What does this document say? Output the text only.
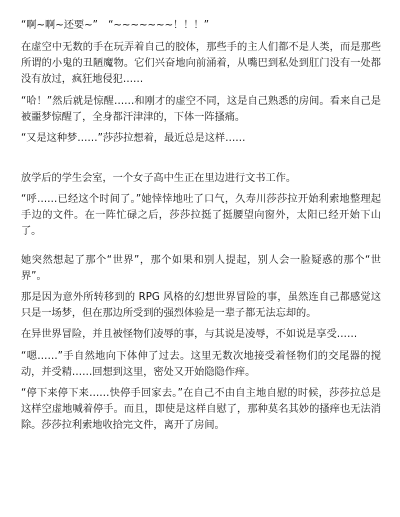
“啊~啊~还要~”　“~~~~~~~！！！”

在虚空中无数的手在玩弄着自己的胶体，那些手的主人们都不是人类，而是那些所谓的小鬼的丑陋魔物。它们兴奋地向前涌着，从嘴巴到私处到肛门没有一处都没有放过，疯狂地侵犯……

“哈！”然后就是惊醒……和刚才的虚空不同，这是自己熟悉的房间。看来自己是被噩梦惊醒了，全身都汗津津的，下体一阵搔痛。

“又是这种梦……”莎莎拉想着，最近总是这样……

放学后的学生会室，一个女子高中生正在里边进行文书工作。

“呼……已经这个时间了。”她悻悻地吐了口气，久寿川莎莎拉开始利索地整理起手边的文件。在一阵忙碌之后，莎莎拉挺了挺腰望向窗外，太阳已经开始下山了。

她突然想起了那个“世界”，那个如果和别人提起，别人会一脸疑惑的那个“世界”。

那是因为意外所转移到的 RPG 风格的幻想世界冒险的事，虽然连自己都感觉这只是一场梦，但在那边所受到的强烈体验是一辈子都无法忘却的。

在异世界冒险，并且被怪物们凌辱的事，与其说是凌辱，不如说是享受……

“嗯……”手自然地向下体伸了过去。这里无数次地接受着怪物们的交尾器的搅动，并受精……回想到这里，密处又开始隐隐作痒。

“停下来停下来……快停手回家去。”在自己不由自主地自慰的时候，莎莎拉总是这样空虚地喊着停手。而且，即使是这样自慰了，那种莫名其妙的搔痒也无法消除。莎莎拉利索地收拾完文件，离开了房间。
